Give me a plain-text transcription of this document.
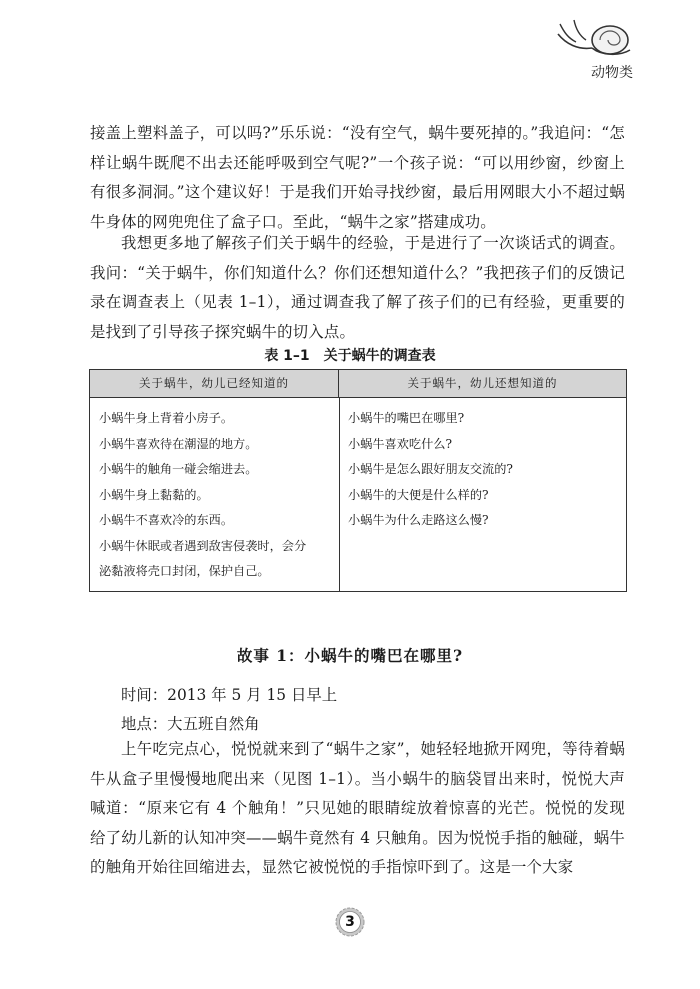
动物类

接盖上塑料盖子，可以吗?”乐乐说：“没有空气，蜗牛要死掉的。”我追问：“怎样让蜗牛既爬不出去还能呼吸到空气呢?”一个孩子说：“可以用纱窗，纱窗上有很多洞洞。”这个建议好！于是我们开始寻找纱窗，最后用网眼大小不超过蜗牛身体的网兜兜住了盒子口。至此，“蜗牛之家”搭建成功。

我想更多地了解孩子们关于蜗牛的经验，于是进行了一次谈话式的调查。我问：“关于蜗牛，你们知道什么？你们还想知道什么？”我把孩子们的反馈记录在调查表上（见表 1–1），通过调查我了解了孩子们的已有经验，更重要的是找到了引导孩子探究蜗牛的切入点。

表 1–1　关于蜗牛的调查表
关于蜗牛，幼儿已经知道的	关于蜗牛，幼儿还想知道的
小蜗牛身上背着小房子。
小蜗牛喜欢待在潮湿的地方。
小蜗牛的触角一碰会缩进去。
小蜗牛身上黏黏的。
小蜗牛不喜欢冷的东西。
小蜗牛休眠或者遇到敌害侵袭时，会分
泌黏液将壳口封闭，保护自己。
小蜗牛的嘴巴在哪里?
小蜗牛喜欢吃什么?
小蜗牛是怎么跟好朋友交流的?
小蜗牛的大便是什么样的?
小蜗牛为什么走路这么慢?
故事 1：小蜗牛的嘴巴在哪里?

时间：2013 年 5 月 15 日早上

地点：大五班自然角

上午吃完点心，悦悦就来到了“蜗牛之家”，她轻轻地掀开网兜，等待着蜗牛从盒子里慢慢地爬出来（见图 1–1）。当小蜗牛的脑袋冒出来时，悦悦大声喊道：“原来它有 4 个触角！”只见她的眼睛绽放着惊喜的光芒。悦悦的发现给了幼儿新的认知冲突——蜗牛竟然有 4 只触角。因为悦悦手指的触碰，蜗牛的触角开始往回缩进去，显然它被悦悦的手指惊吓到了。这是一个大家

3
